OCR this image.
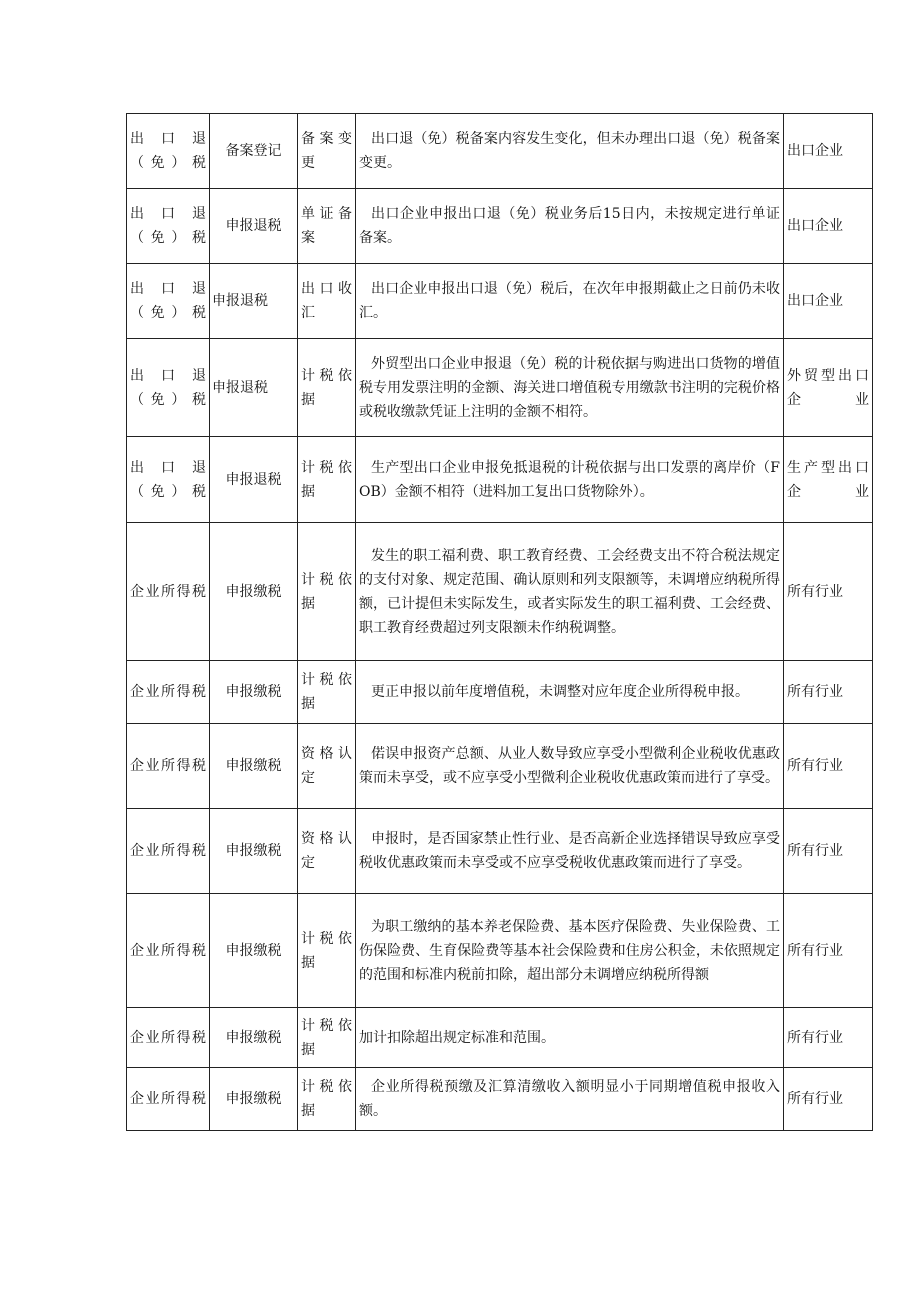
出口退（免）税	备案登记	备案变更	出口退（免）税备案内容发生变化，但未办理出口退（免）税备案变更。	出口企业
出口退（免）税	申报退税	单证备案	出口企业申报出口退（免）税业务后15日内，未按规定进行单证备案。	出口企业
出口退（免）税	申报退税	出口收汇	出口企业申报出口退（免）税后，在次年申报期截止之日前仍未收汇。	出口企业
出口退（免）税	申报退税	计税依据	外贸型出口企业申报退（免）税的计税依据与购进出口货物的增值税专用发票注明的金额、海关进口增值税专用缴款书注明的完税价格或税收缴款凭证上注明的金额不相符。	外贸型出口企业
出口退（免）税	申报退税	计税依据	生产型出口企业申报免抵退税的计税依据与出口发票的离岸价（FOB）金额不相符（进料加工复出口货物除外）。	生产型出口企业
企业所得税	申报缴税	计税依据	发生的职工福利费、职工教育经费、工会经费支出不符合税法规定的支付对象、规定范围、确认原则和列支限额等，未调增应纳税所得额，已计提但未实际发生，或者实际发生的职工福利费、工会经费、职工教育经费超过列支限额未作纳税调整。	所有行业
企业所得税	申报缴税	计税依据	更正申报以前年度增值税，未调整对应年度企业所得税申报。	所有行业
企业所得税	申报缴税	资格认定	偌误申报资产总额、从业人数导致应享受小型微利企业税收优惠政策而未享受，或不应享受小型微利企业税收优惠政策而进行了享受。	所有行业
企业所得税	申报缴税	资格认定	申报时，是否国家禁止性行业、是否高新企业选择错误导致应享受税收优惠政策而未享受或不应享受税收优惠政策而进行了享受。	所有行业
企业所得税	申报缴税	计税依据	为职工缴纳的基本养老保险费、基本医疗保险费、失业保险费、工伤保险费、生育保险费等基本社会保险费和住房公积金，未依照规定的范围和标准内税前扣除，超出部分未调增应纳税所得额	所有行业
企业所得税	申报缴税	计税依据	加计扣除超出规定标准和范围。	所有行业
企业所得税	申报缴税	计税依据	企业所得税预缴及汇算清缴收入额明显小于同期增值税申报收入额。	所有行业
